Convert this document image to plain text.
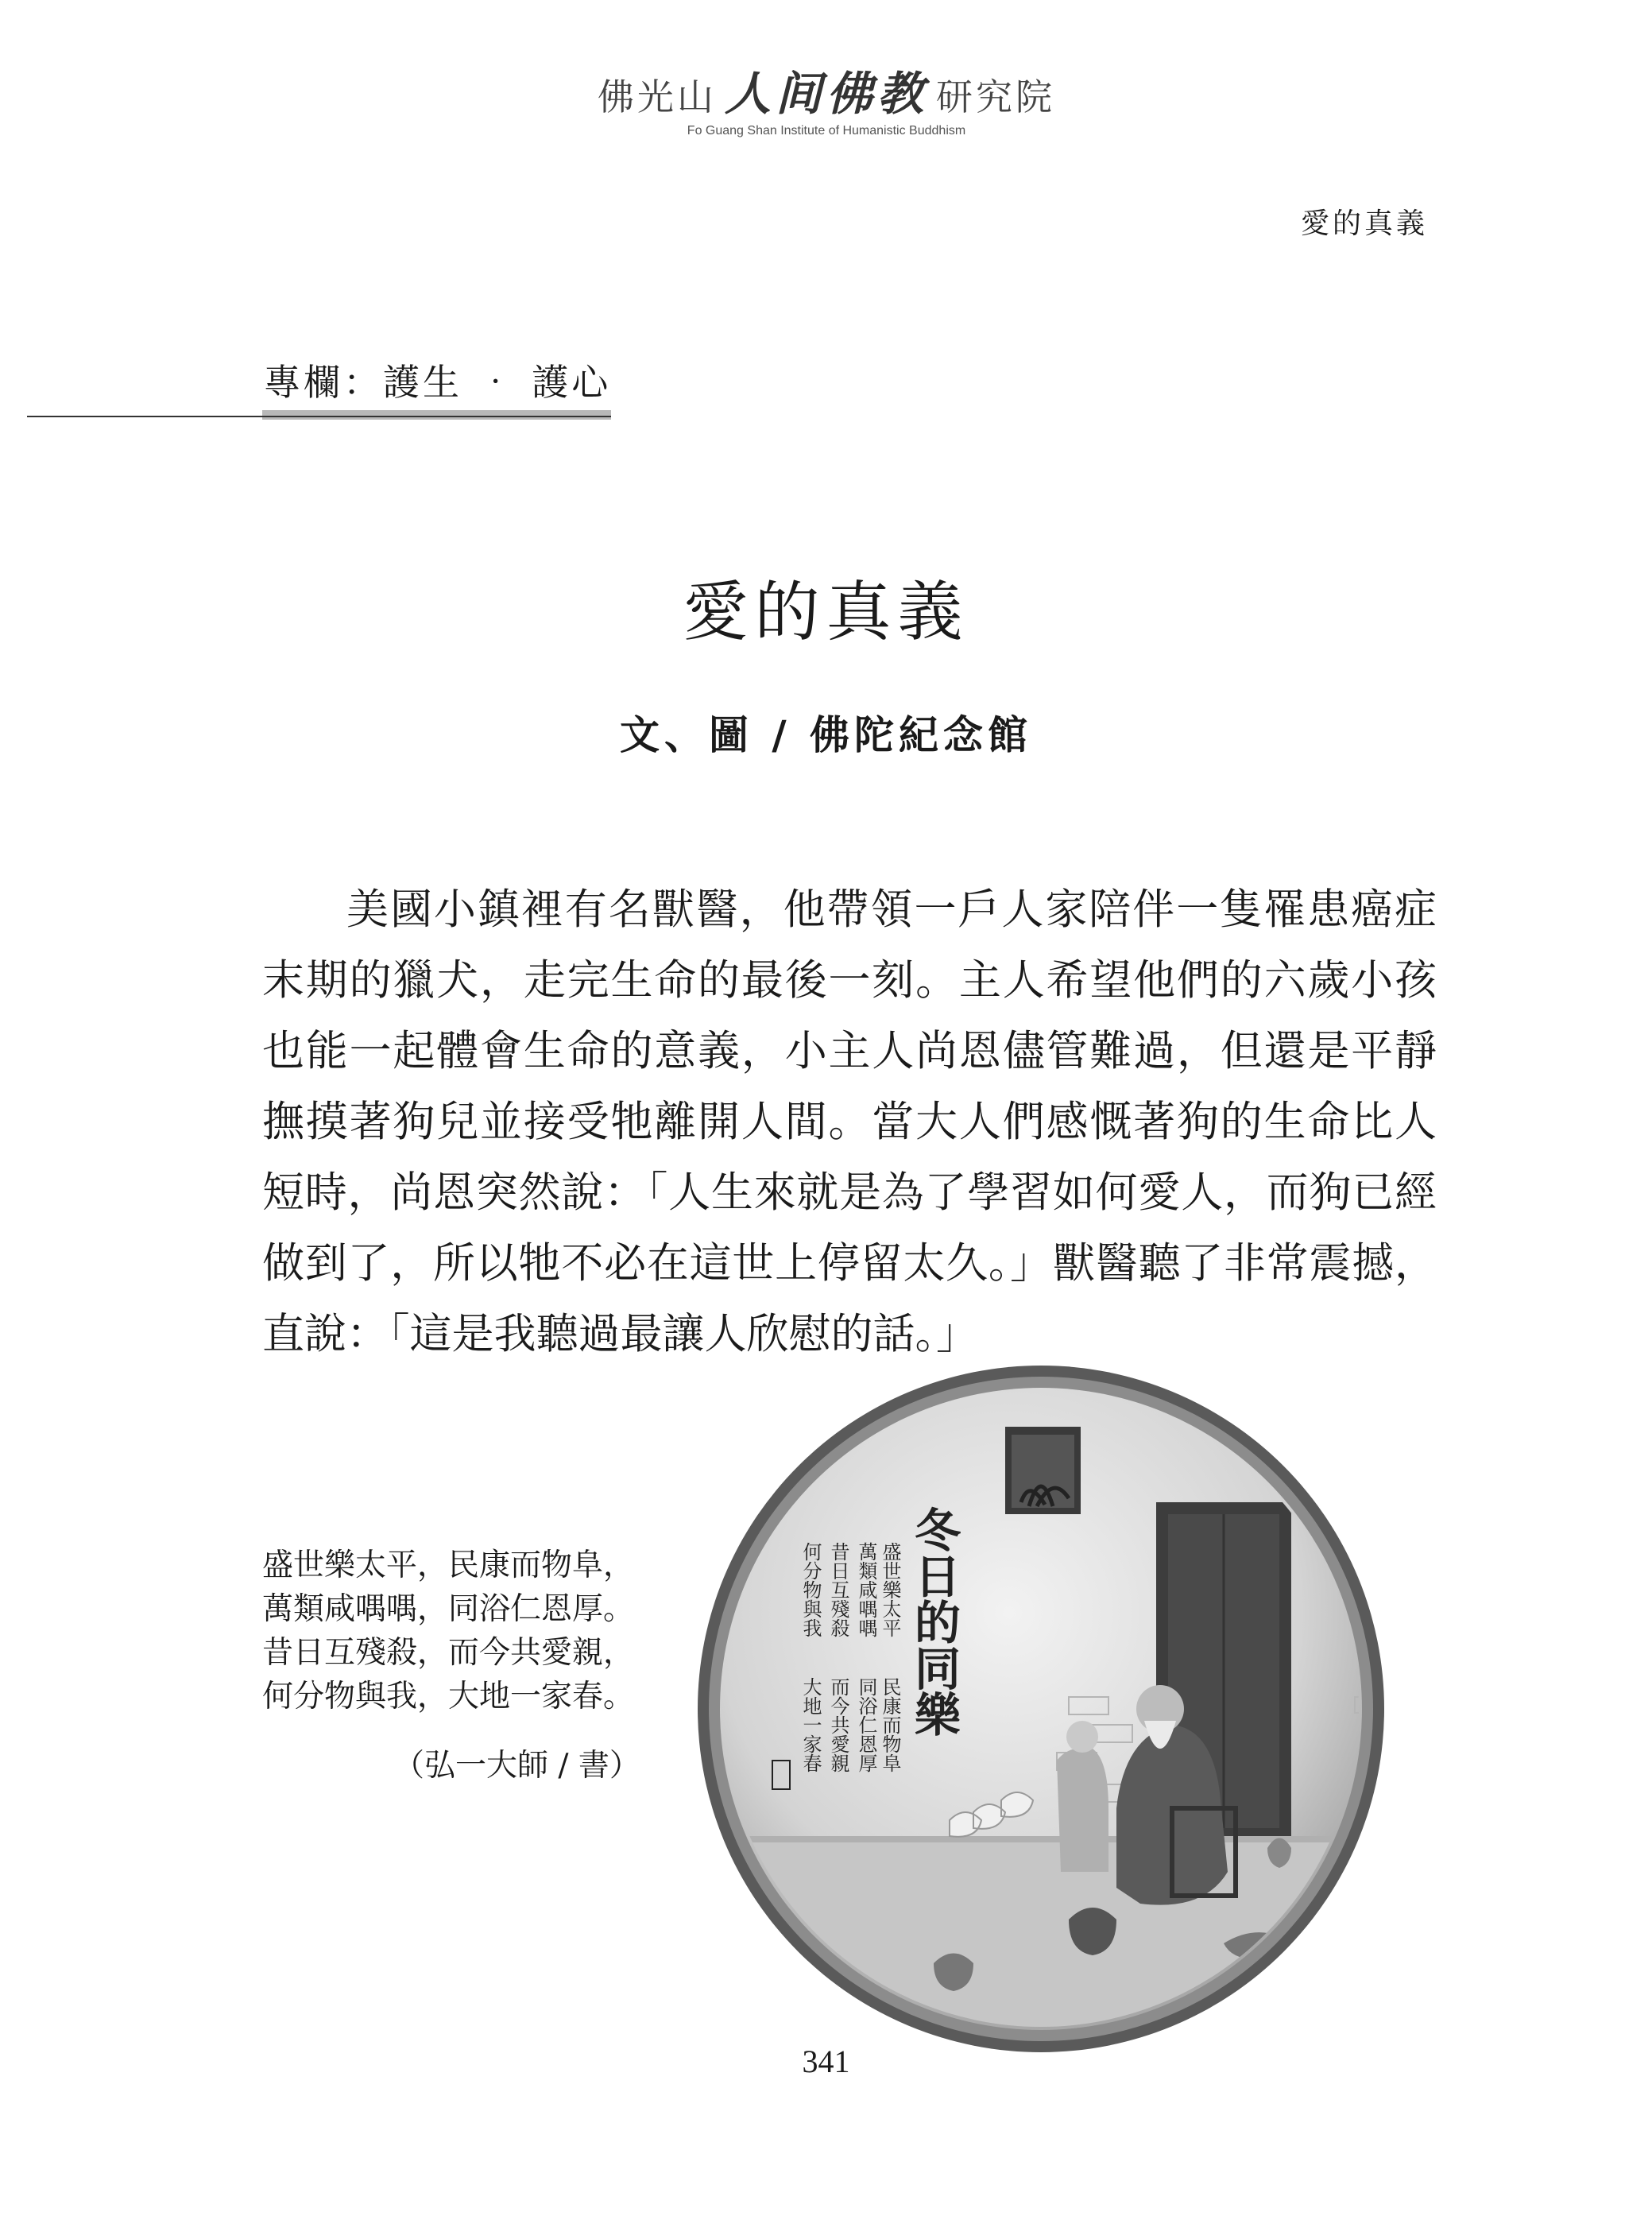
佛光山 人间佛教 研究院
Fo Guang Shan Institute of Humanistic Buddhism
愛的真義
專欄：護生 ‧ 護心
愛的真義
文、圖 / 佛陀紀念館

美國小鎮裡有名獸醫，他帶領一戶人家陪伴一隻罹患癌症末期的獵犬，走完生命的最後一刻。主人希望他們的六歲小孩也能一起體會生命的意義，小主人尚恩儘管難過，但還是平靜撫摸著狗兒並接受牠離開人間。當大人們感慨著狗的生命比人短時，尚恩突然說：「人生來就是為了學習如何愛人，而狗已經做到了，所以牠不必在這世上停留太久。」獸醫聽了非常震撼，直說：「這是我聽過最讓人欣慰的話。」

盛世樂太平，民康而物阜，
萬類咸喁喁，同浴仁恩厚。
昔日互殘殺，而今共愛親，
何分物與我，大地一家春。
（弘一大師 / 書）
冬日的同樂
盛世樂太平
民康而物阜
萬類咸喁喁
同浴仁恩厚
昔日互殘殺
而今共愛親
何分物與我
大地一家春
341
